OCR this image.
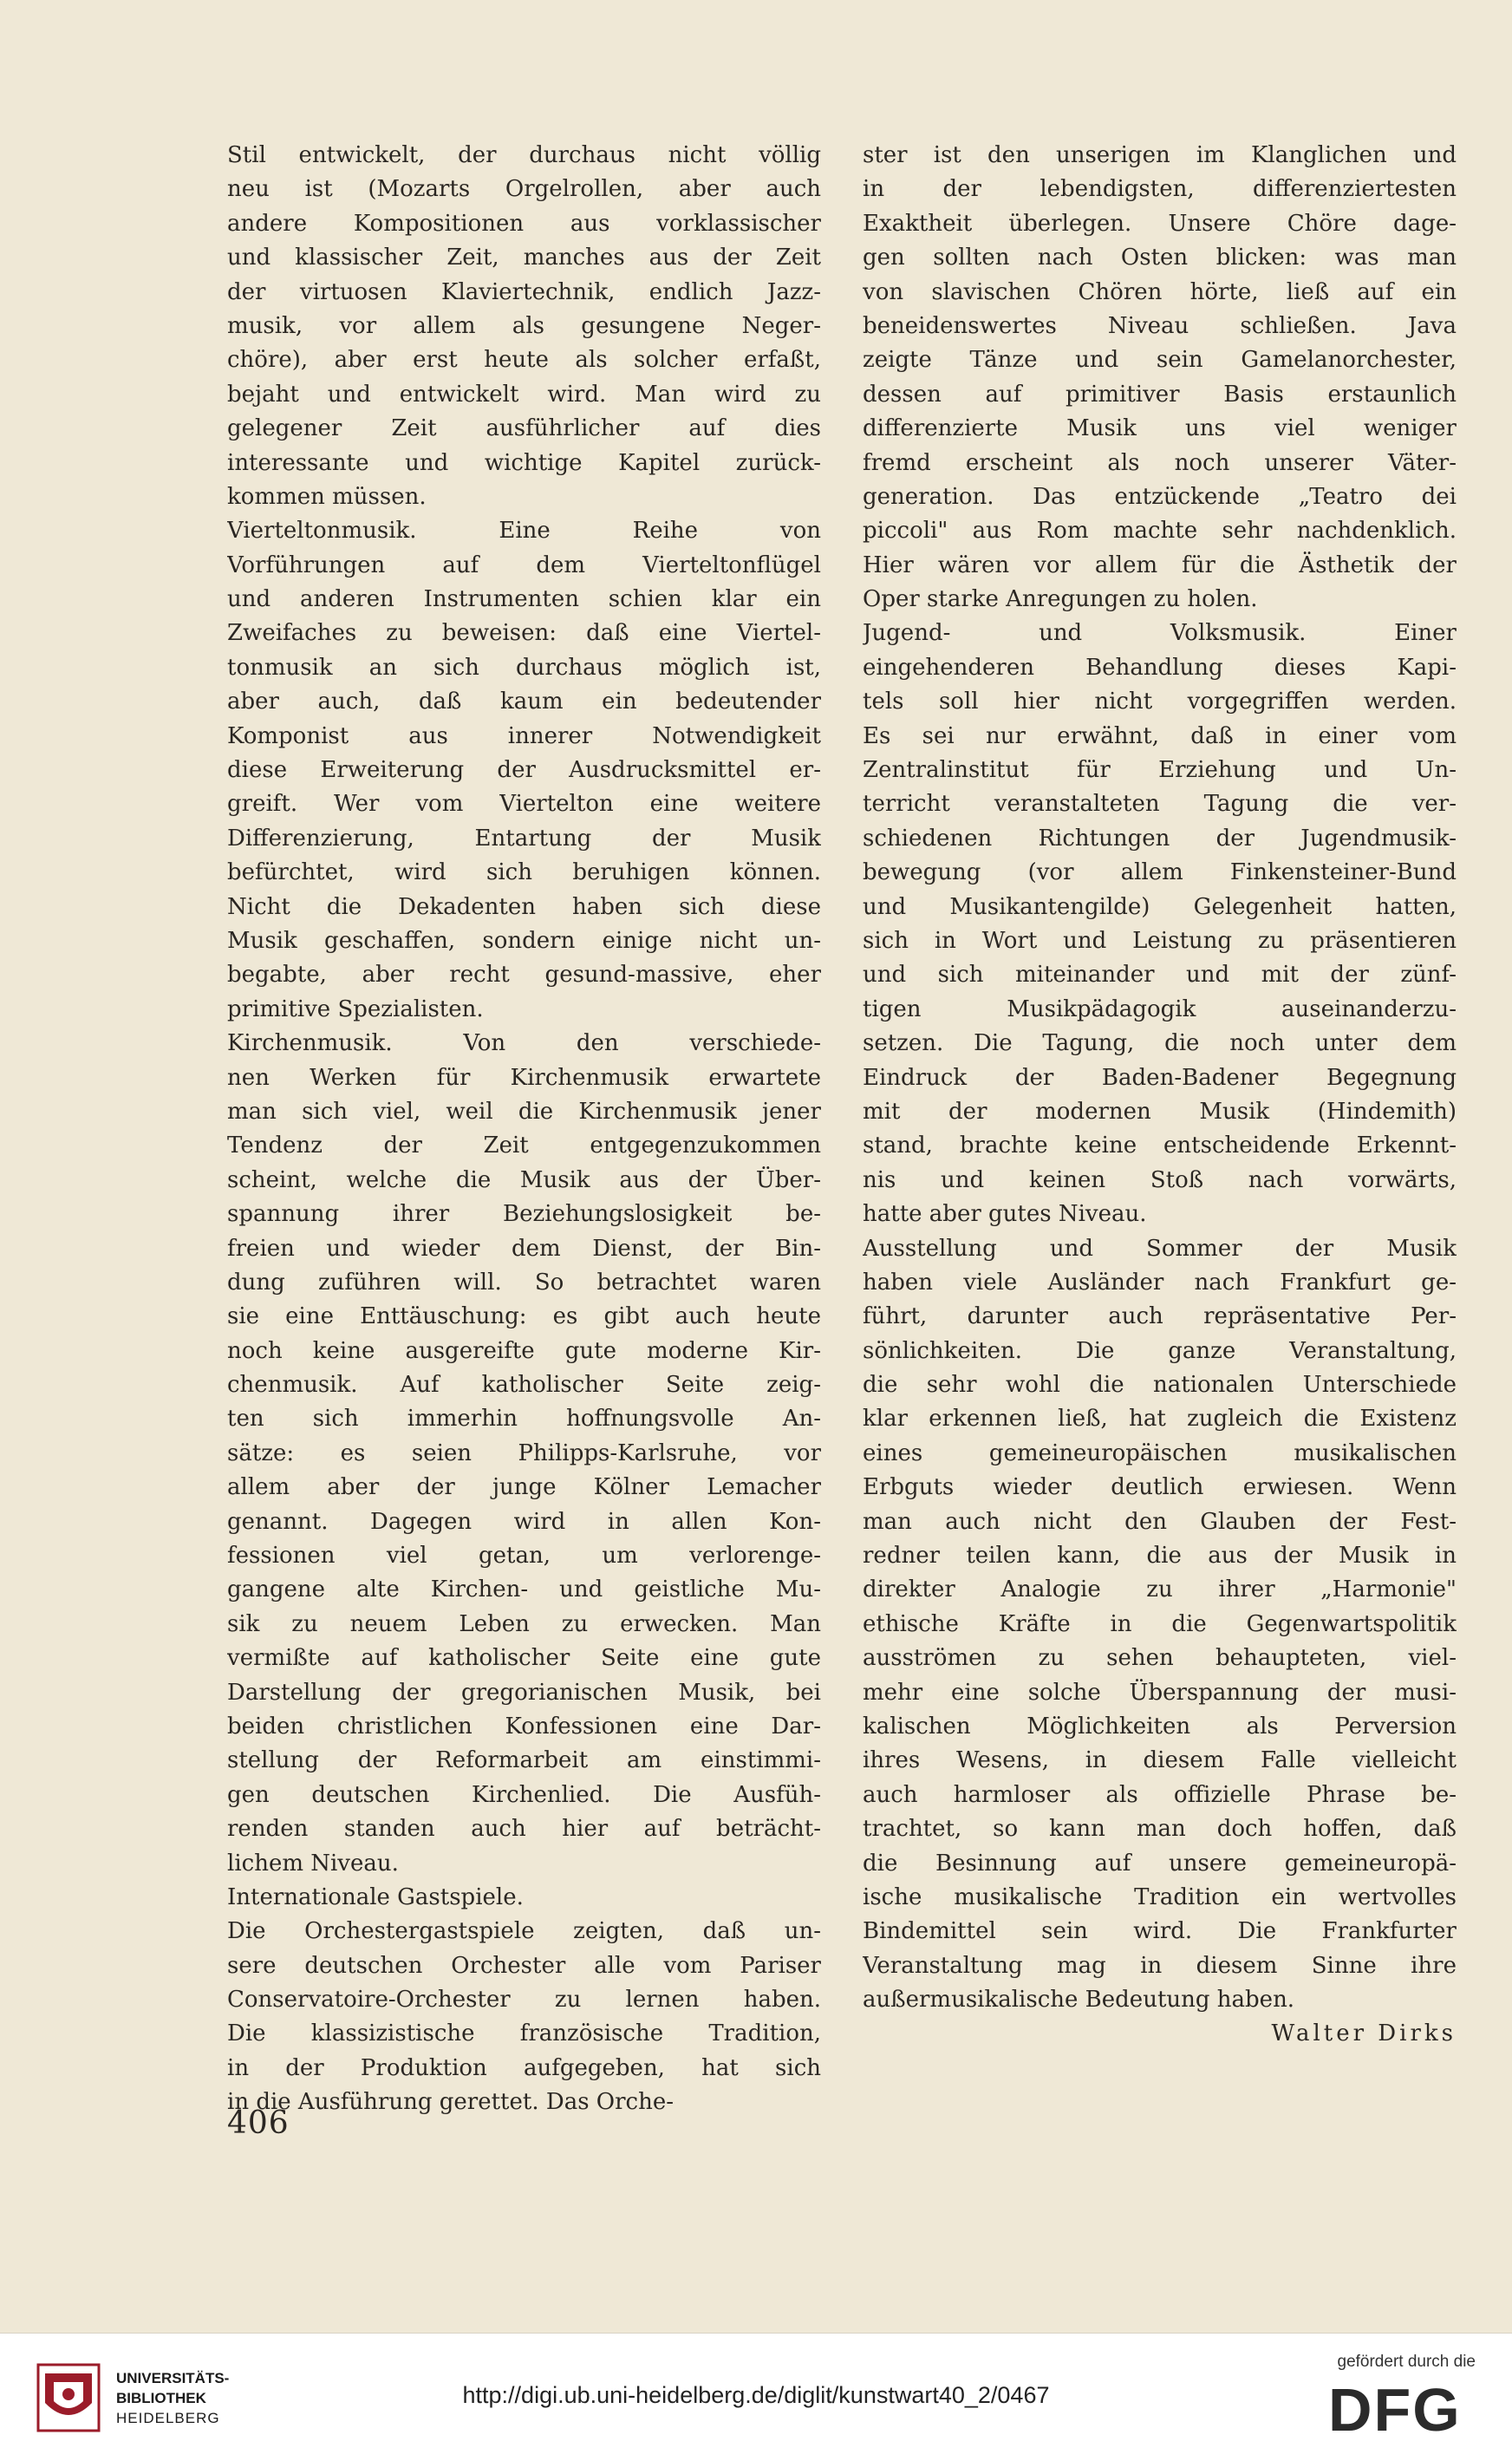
Stil entwickelt, der durchaus nicht völlig
neu ist (Mozarts Orgelrollen, aber auch
andere Kompositionen aus vorklassischer
und klassischer Zeit, manches aus der Zeit
der virtuosen Klaviertechnik, endlich Jazz-
musik, vor allem als gesungene Neger-
chöre), aber erst heute als solcher erfaßt,
bejaht und entwickelt wird. Man wird zu
gelegener Zeit ausführlicher auf dies
interessante und wichtige Kapitel zurück-
kommen müssen.
Vierteltonmusik. Eine Reihe von
Vorführungen auf dem Vierteltonflügel
und anderen Instrumenten schien klar ein
Zweifaches zu beweisen: daß eine Viertel-
tonmusik an sich durchaus möglich ist,
aber auch, daß kaum ein bedeutender
Komponist aus innerer Notwendigkeit
diese Erweiterung der Ausdrucksmittel er-
greift. Wer vom Viertelton eine weitere
Differenzierung, Entartung der Musik
befürchtet, wird sich beruhigen können.
Nicht die Dekadenten haben sich diese
Musik geschaffen, sondern einige nicht un-
begabte, aber recht gesund-massive, eher
primitive Spezialisten.
Kirchenmusik. Von den verschiede-
nen Werken für Kirchenmusik erwartete
man sich viel, weil die Kirchenmusik jener
Tendenz der Zeit entgegenzukommen
scheint, welche die Musik aus der Über-
spannung ihrer Beziehungslosigkeit be-
freien und wieder dem Dienst, der Bin-
dung zuführen will. So betrachtet waren
sie eine Enttäuschung: es gibt auch heute
noch keine ausgereifte gute moderne Kir-
chenmusik. Auf katholischer Seite zeig-
ten sich immerhin hoffnungsvolle An-
sätze: es seien Philipps-Karlsruhe, vor
allem aber der junge Kölner Lemacher
genannt. Dagegen wird in allen Kon-
fessionen viel getan, um verlorenge-
gangene alte Kirchen- und geistliche Mu-
sik zu neuem Leben zu erwecken. Man
vermißte auf katholischer Seite eine gute
Darstellung der gregorianischen Musik, bei
beiden christlichen Konfessionen eine Dar-
stellung der Reformarbeit am einstimmi-
gen deutschen Kirchenlied. Die Ausfüh-
renden standen auch hier auf beträcht-
lichem Niveau.
Internationale Gastspiele.
Die Orchestergastspiele zeigten, daß un-
sere deutschen Orchester alle vom Pariser
Conservatoire-Orchester zu lernen haben.
Die klassizistische französische Tradition,
in der Produktion aufgegeben, hat sich
in die Ausführung gerettet. Das Orche-
ster ist den unserigen im Klanglichen und
in der lebendigsten, differenziertesten
Exaktheit überlegen. Unsere Chöre dage-
gen sollten nach Osten blicken: was man
von slavischen Chören hörte, ließ auf ein
beneidenswertes Niveau schließen. Java
zeigte Tänze und sein Gamelanorchester,
dessen auf primitiver Basis erstaunlich
differenzierte Musik uns viel weniger
fremd erscheint als noch unserer Väter-
generation. Das entzückende „Teatro dei
piccoli" aus Rom machte sehr nachdenklich.
Hier wären vor allem für die Ästhetik der
Oper starke Anregungen zu holen.
Jugend- und Volksmusik. Einer
eingehenderen Behandlung dieses Kapi-
tels soll hier nicht vorgegriffen werden.
Es sei nur erwähnt, daß in einer vom
Zentralinstitut für Erziehung und Un-
terricht veranstalteten Tagung die ver-
schiedenen Richtungen der Jugendmusik-
bewegung (vor allem Finkensteiner-Bund
und Musikantengilde) Gelegenheit hatten,
sich in Wort und Leistung zu präsentieren
und sich miteinander und mit der zünf-
tigen Musikpädagogik auseinanderzu-
setzen. Die Tagung, die noch unter dem
Eindruck der Baden-Badener Begegnung
mit der modernen Musik (Hindemith)
stand, brachte keine entscheidende Erkennt-
nis und keinen Stoß nach vorwärts,
hatte aber gutes Niveau.
Ausstellung und Sommer der Musik
haben viele Ausländer nach Frankfurt ge-
führt, darunter auch repräsentative Per-
sönlichkeiten. Die ganze Veranstaltung,
die sehr wohl die nationalen Unterschiede
klar erkennen ließ, hat zugleich die Existenz
eines gemeineuropäischen musikalischen
Erbguts wieder deutlich erwiesen. Wenn
man auch nicht den Glauben der Fest-
redner teilen kann, die aus der Musik in
direkter Analogie zu ihrer „Harmonie"
ethische Kräfte in die Gegenwartspolitik
ausströmen zu sehen behaupteten, viel-
mehr eine solche Überspannung der musi-
kalischen Möglichkeiten als Perversion
ihres Wesens, in diesem Falle vielleicht
auch harmloser als offizielle Phrase be-
trachtet, so kann man doch hoffen, daß
die Besinnung auf unsere gemeineuropä-
ische musikalische Tradition ein wertvolles
Bindemittel sein wird. Die Frankfurter
Veranstaltung mag in diesem Sinne ihre
außermusikalische Bedeutung haben.
Walter Dirks
406
UNIVERSITÄTS-
BIBLIOTHEK
HEIDELBERG
http://digi.ub.uni-heidelberg.de/diglit/kunstwart40_2/0467
gefördert durch die
DFG
